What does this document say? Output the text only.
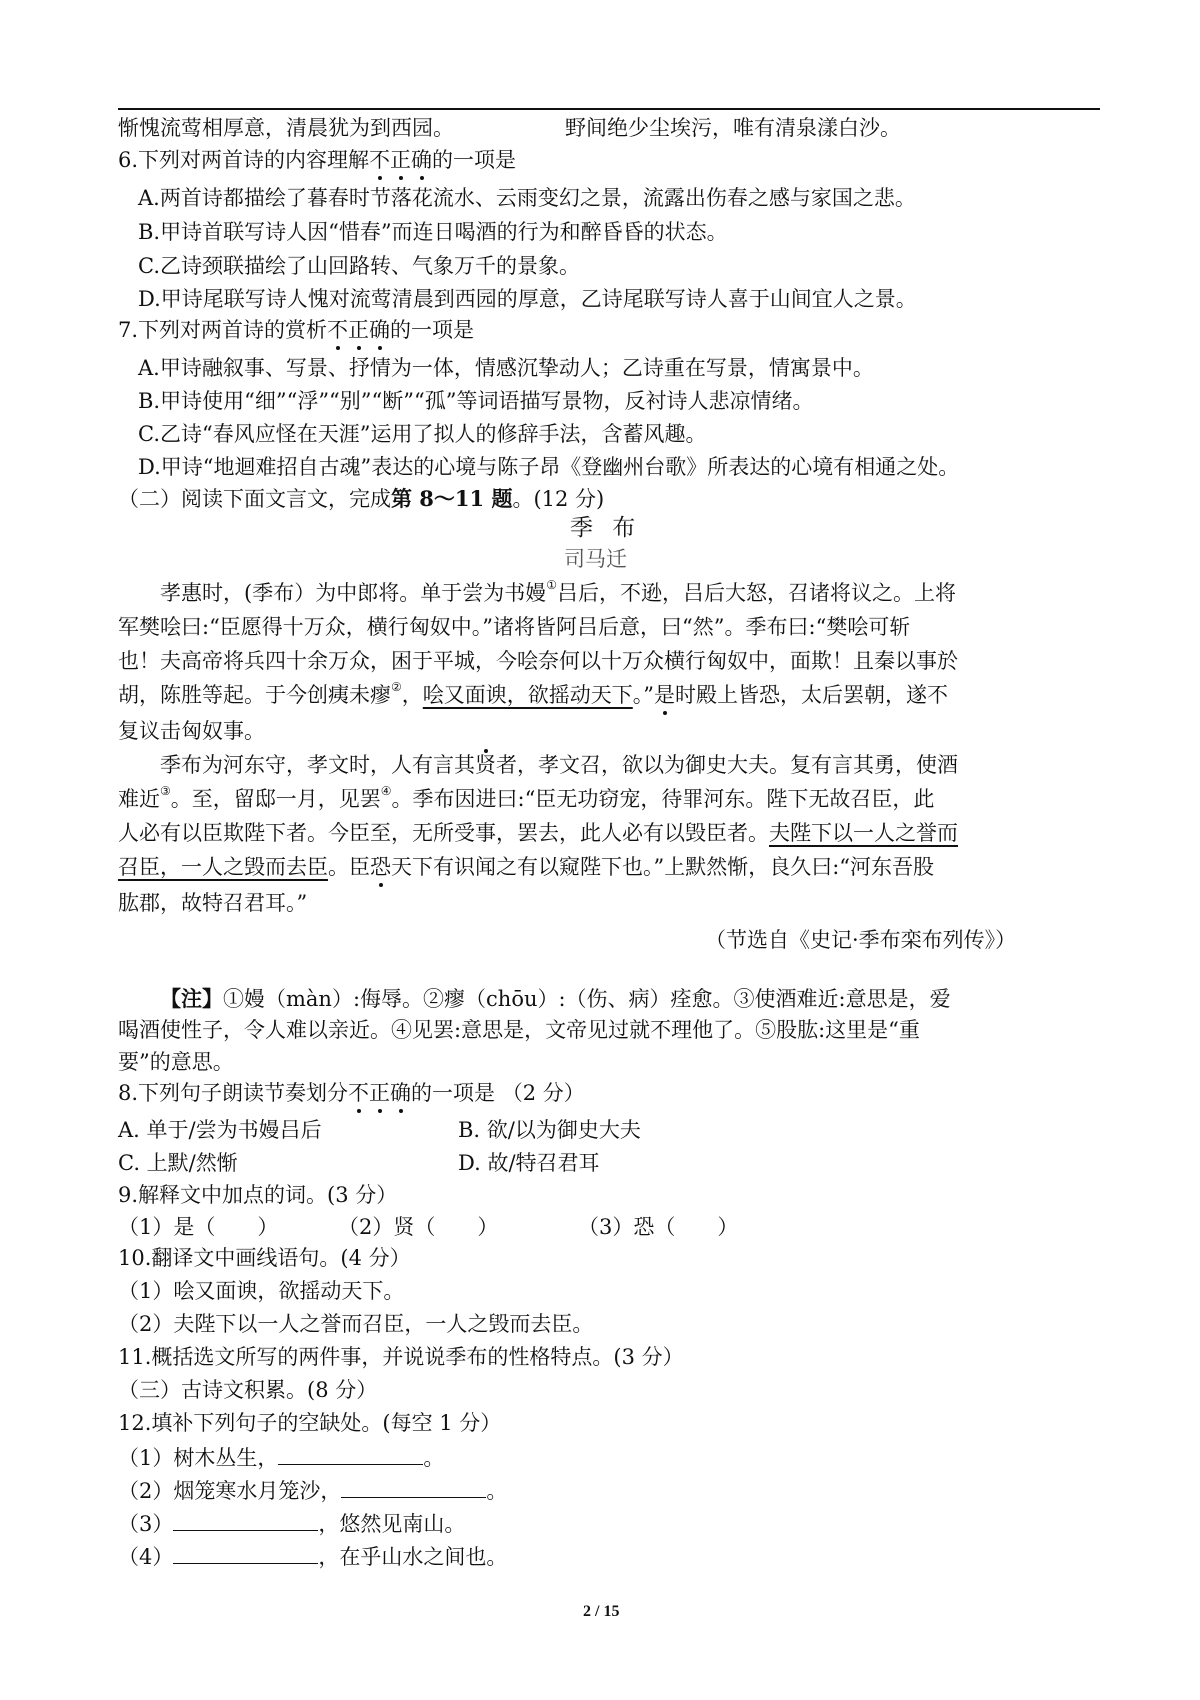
惭愧流莺相厚意，清晨犹为到西园。	野间绝少尘埃污，唯有清泉漾白沙。
6.下列对两首诗的内容理解不正确的一项是
A.两首诗都描绘了暮春时节落花流水、云雨变幻之景，流露出伤春之感与家国之悲。
B.甲诗首联写诗人因“惜春”而连日喝酒的行为和醉昏昏的状态。
C.乙诗颈联描绘了山回路转、气象万千的景象。
D.甲诗尾联写诗人愧对流莺清晨到西园的厚意，乙诗尾联写诗人喜于山间宜人之景。
7.下列对两首诗的赏析不正确的一项是
A.甲诗融叙事、写景、抒情为一体，情感沉挚动人；乙诗重在写景，情寓景中。
B.甲诗使用“细”“浮”“别”“断”“孤”等词语描写景物，反衬诗人悲凉情绪。
C.乙诗“春风应怪在天涯”运用了拟人的修辞手法，含蓄风趣。
D.甲诗“地迴难招自古魂”表达的心境与陈子昂《登幽州台歌》所表达的心境有相通之处。
（二）阅读下面文言文，完成第 8～11 题。(12 分)
季 布
司马迁
孝惠时，(季布）为中郎将。单于尝为书嫚①吕后，不逊，吕后大怒，召诸将议之。上将
军樊哙曰:“臣愿得十万众，横行匈奴中。”诸将皆阿吕后意，曰“然”。季布曰:“樊哙可斩
也！夫高帝将兵四十余万众，困于平城，今哙奈何以十万众横行匈奴中，面欺！且秦以事於
胡，陈胜等起。于今创痍未瘳②，哙又面谀，欲摇动天下。”是时殿上皆恐，太后罢朝，遂不
复议击匈奴事。
季布为河东守，孝文时，人有言其贤者，孝文召，欲以为御史大夫。复有言其勇，使酒
难近③。至，留邸一月，见罢④。季布因进曰:“臣无功窃宠，待罪河东。陛下无故召臣，此
人必有以臣欺陛下者。今臣至，无所受事，罢去，此人必有以毁臣者。夫陛下以一人之誉而
召臣，一人之毁而去臣。臣恐天下有识闻之有以窥陛下也。”上默然惭，良久曰:“河东吾股
肱郡，故特召君耳。”
（节选自《史记·季布栾布列传》）
【注】①嫚（màn）:侮辱。②瘳（chōu）:（伤、病）痊愈。③使酒难近:意思是，爱
喝酒使性子，令人难以亲近。④见罢:意思是，文帝见过就不理他了。⑤股肱:这里是“重
要”的意思。
8.下列句子朗读节奏划分不正确的一项是 （2 分）
A. 单于/尝为书嫚吕后	B. 欲/以为御史大夫
C. 上默/然惭	D. 故/特召君耳
9.解释文中加点的词。(3 分）
（1）是（　　）	（2）贤（　　）	（3）恐（　　）
10.翻译文中画线语句。(4 分）
（1）哙又面谀，欲摇动天下。
（2）夫陛下以一人之誉而召臣，一人之毁而去臣。
11.概括选文所写的两件事，并说说季布的性格特点。(3 分）
（三）古诗文积累。(8 分）
12.填补下列句子的空缺处。(每空 1 分）
（1）树木丛生，	。
（2）烟笼寒水月笼沙，	。
（3）	，悠然见南山。
（4）	，在乎山水之间也。
2 / 15
